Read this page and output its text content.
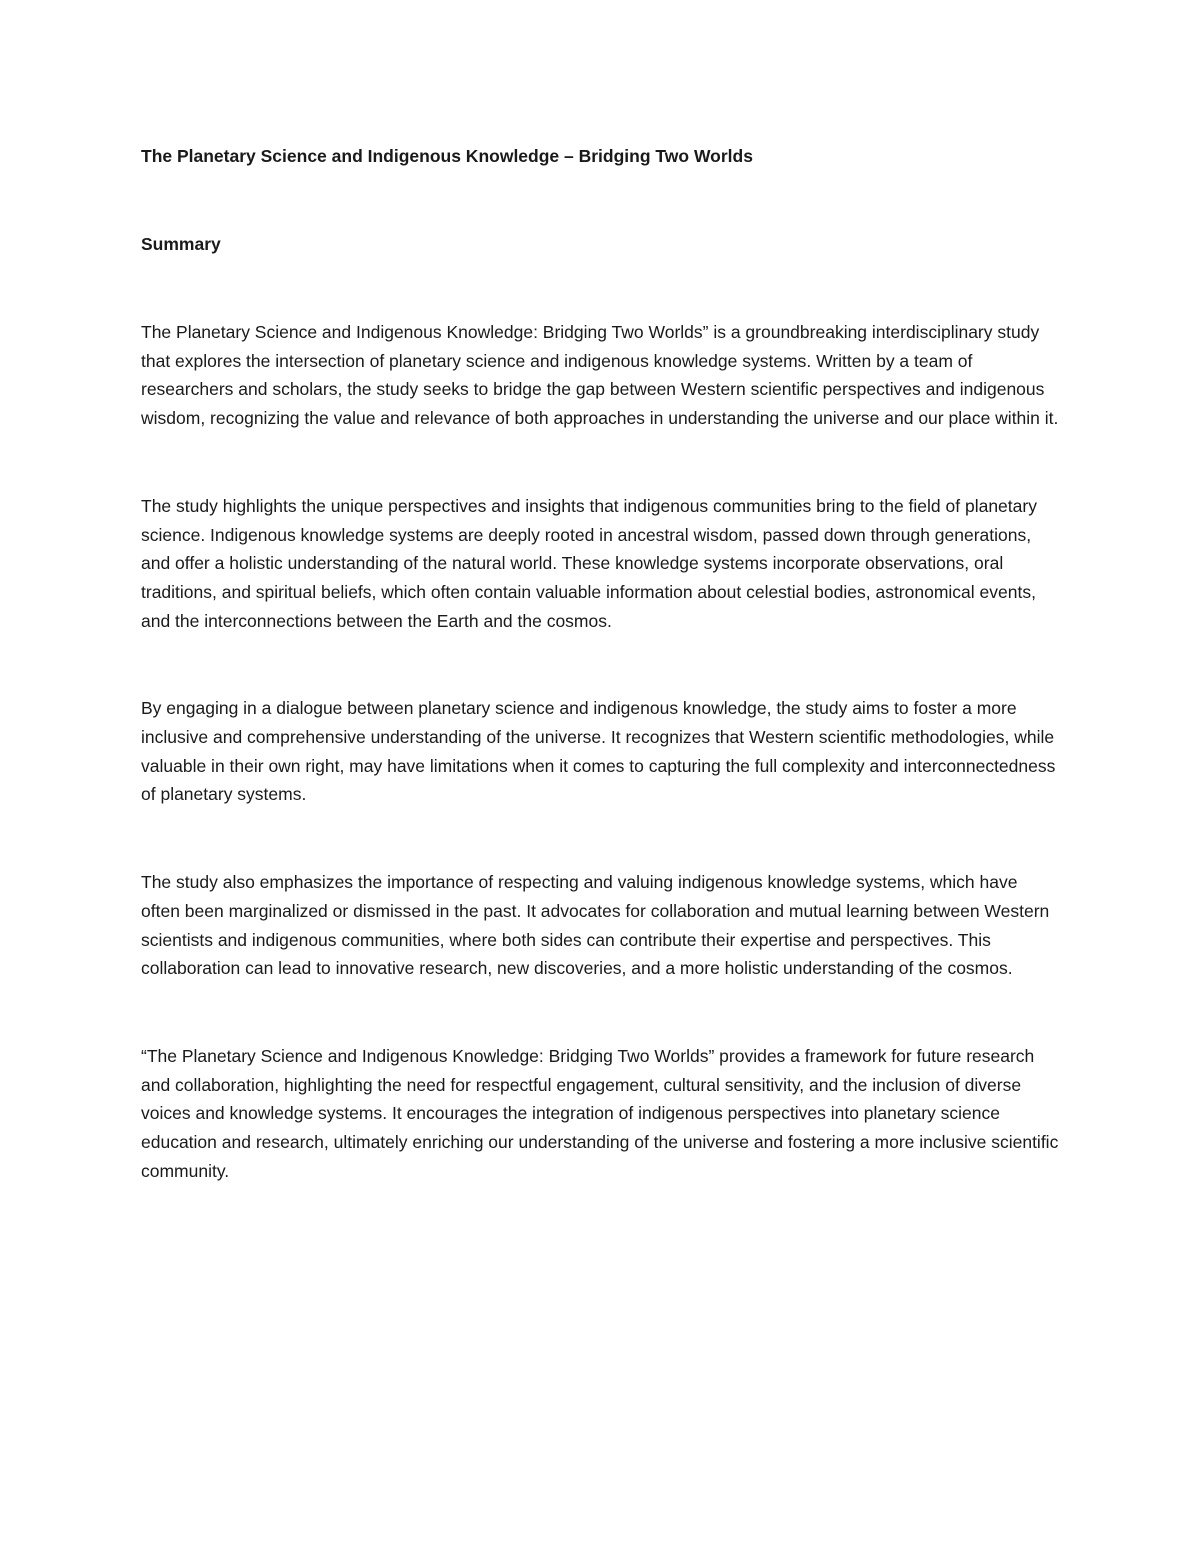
The Planetary Science and Indigenous Knowledge – Bridging Two Worlds
Summary

The Planetary Science and Indigenous Knowledge: Bridging Two Worlds” is a groundbreaking interdisciplinary study that explores the intersection of planetary science and indigenous knowledge systems. Written by a team of researchers and scholars, the study seeks to bridge the gap between Western scientific perspectives and indigenous wisdom, recognizing the value and relevance of both approaches in understanding the universe and our place within it.

The study highlights the unique perspectives and insights that indigenous communities bring to the field of planetary science. Indigenous knowledge systems are deeply rooted in ancestral wisdom, passed down through generations, and offer a holistic understanding of the natural world. These knowledge systems incorporate observations, oral traditions, and spiritual beliefs, which often contain valuable information about celestial bodies, astronomical events, and the interconnections between the Earth and the cosmos.

By engaging in a dialogue between planetary science and indigenous knowledge, the study aims to foster a more inclusive and comprehensive understanding of the universe. It recognizes that Western scientific methodologies, while valuable in their own right, may have limitations when it comes to capturing the full complexity and interconnectedness of planetary systems.

The study also emphasizes the importance of respecting and valuing indigenous knowledge systems, which have often been marginalized or dismissed in the past. It advocates for collaboration and mutual learning between Western scientists and indigenous communities, where both sides can contribute their expertise and perspectives. This collaboration can lead to innovative research, new discoveries, and a more holistic understanding of the cosmos.

“The Planetary Science and Indigenous Knowledge: Bridging Two Worlds” provides a framework for future research and collaboration, highlighting the need for respectful engagement, cultural sensitivity, and the inclusion of diverse voices and knowledge systems. It encourages the integration of indigenous perspectives into planetary science education and research, ultimately enriching our understanding of the universe and fostering a more inclusive scientific community.
